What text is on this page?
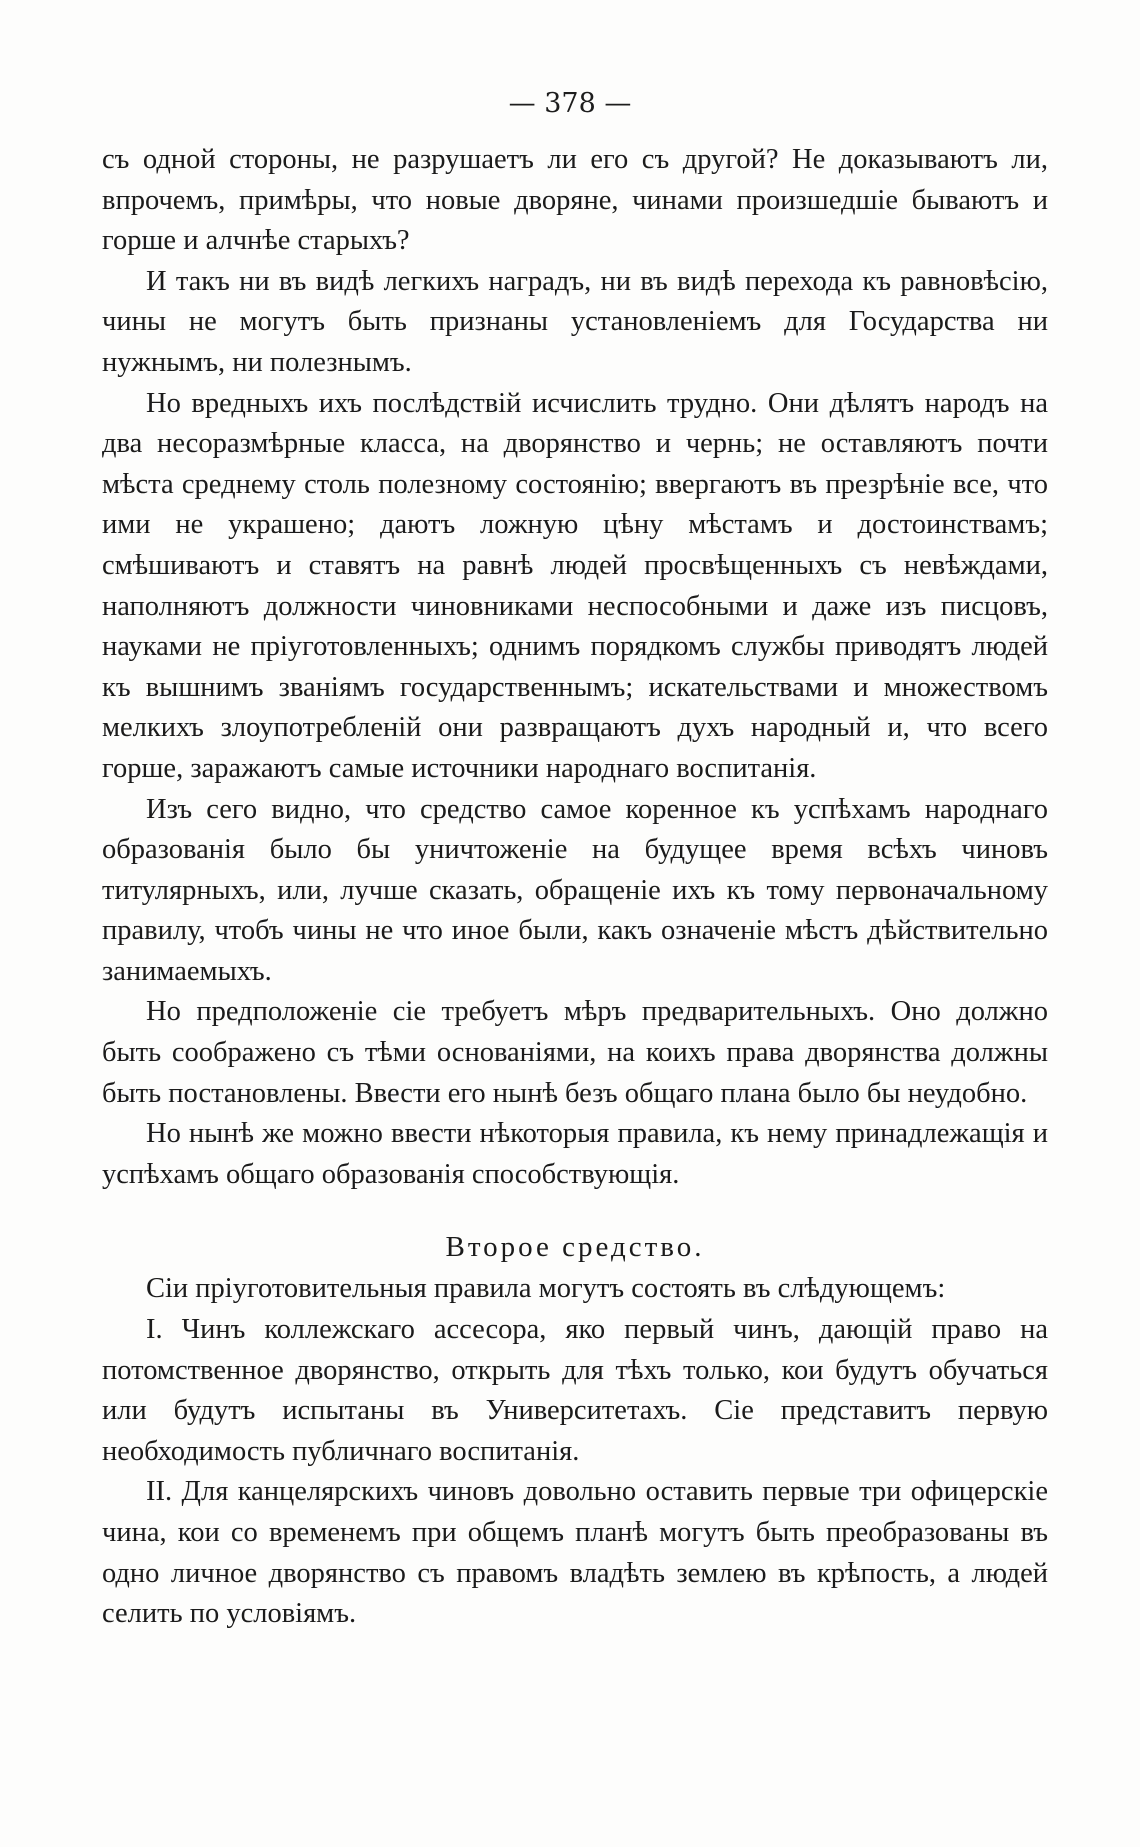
— 378 —

съ одной стороны, не разрушаетъ ли его съ другой? Не доказываютъ ли, впрочемъ, примѣры, что новые дворяне, чинами произшедшіе бываютъ и горше и алчнѣе старыхъ?

И такъ ни въ видѣ легкихъ наградъ, ни въ видѣ перехода къ равновѣсію, чины не могутъ быть признаны установленіемъ для Государства ни нужнымъ, ни полезнымъ.

Но вредныхъ ихъ послѣдствій исчислить трудно. Они дѣлятъ народъ на два несоразмѣрные класса, на дворянство и чернь; не оставляютъ почти мѣста среднему столь полезному состоянію; ввергаютъ въ презрѣніе все, что ими не украшено; даютъ ложную цѣну мѣстамъ и достоинствамъ; смѣшиваютъ и ставятъ на равнѣ людей просвѣщенныхъ съ невѣждами, наполняютъ должности чиновниками неспособными и даже изъ писцовъ, науками не пріуготовленныхъ; однимъ порядкомъ службы приводятъ людей къ вышнимъ званіямъ государственнымъ; искательствами и множествомъ мелкихъ злоупотребленій они развращаютъ духъ народный и, что всего горше, заражаютъ самые источники народнаго воспитанія.

Изъ сего видно, что средство самое коренное къ успѣхамъ народнаго образованія было бы уничтоженіе на будущее время всѣхъ чиновъ титулярныхъ, или, лучше сказать, обращеніе ихъ къ тому первоначальному правилу, чтобъ чины не что иное были, какъ означеніе мѣстъ дѣйствительно занимаемыхъ.

Но предположеніе сіе требуетъ мѣръ предварительныхъ. Оно должно быть соображено съ тѣми основаніями, на коихъ права дворянства должны быть постановлены. Ввести его нынѣ безъ общаго плана было бы неудобно.

Но нынѣ же можно ввести нѣкоторыя правила, къ нему принадлежащія и успѣхамъ общаго образованія способствующія.

Второе средство.

Сіи пріуготовительныя правила могутъ состоять въ слѣдующемъ:

I. Чинъ коллежскаго ассесора, яко первый чинъ, дающій право на потомственное дворянство, открыть для тѣхъ только, кои будутъ обучаться или будутъ испытаны въ Университетахъ. Сіе представитъ первую необходимость публичнаго воспитанія.

II. Для канцелярскихъ чиновъ довольно оставить первые три офицерскіе чина, кои со временемъ при общемъ планѣ могутъ быть преобразованы въ одно личное дворянство съ правомъ владѣть землею въ крѣпость, а людей селить по условіямъ.
